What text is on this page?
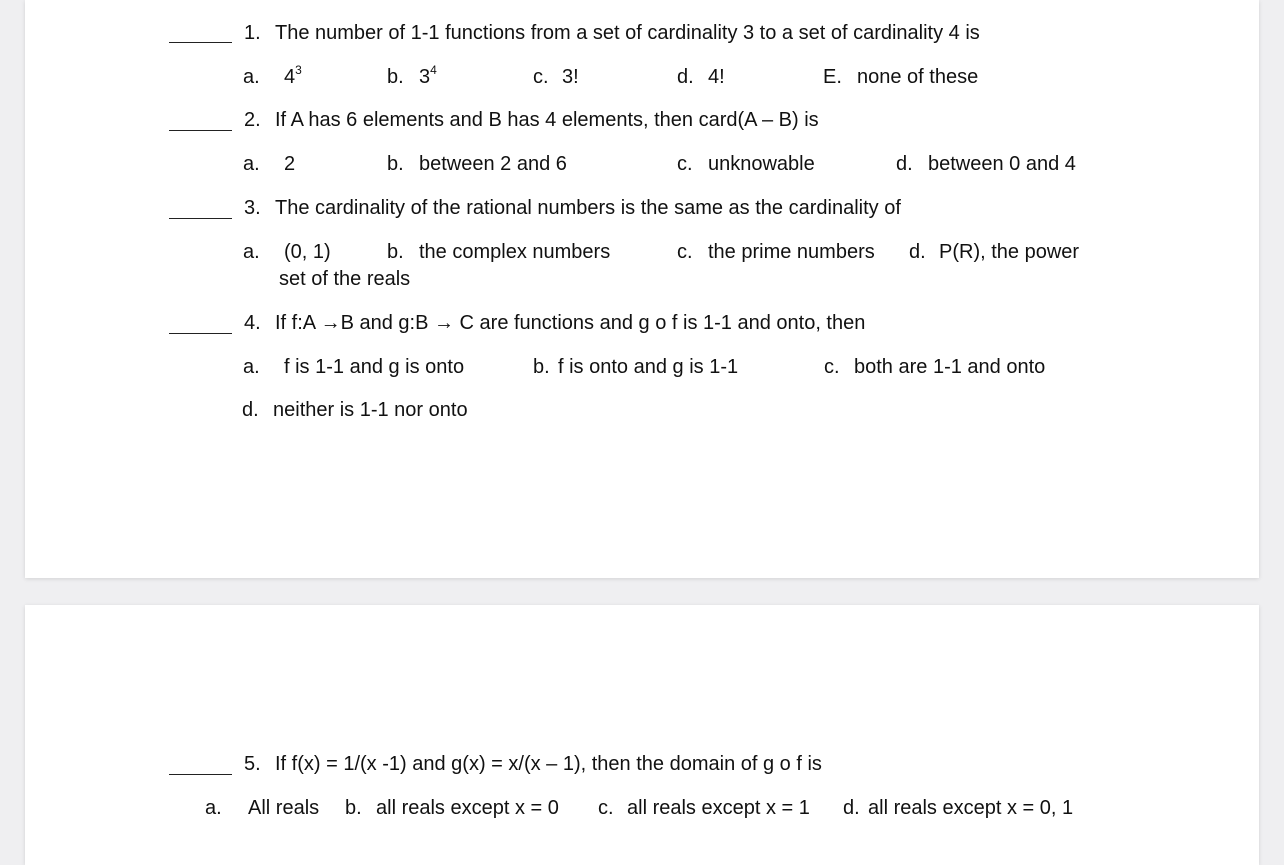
1. The number of 1-1 functions from a set of cardinality 3 to a set of cardinality 4 is
a. $4^3$	b. $3^4$	c. 3!	d. 4!	E. none of these
2. If A has 6 elements and B has 4 elements, then card(A – B) is
a. 2	b. between 2 and 6	c. unknowable	d. between 0 and 4
3. The cardinality of the rational numbers is the same as the cardinality of
a. (0, 1)	b. the complex numbers	c. the prime numbers d. P(R), the power
set of the reals
4. If f:A →B and g:B → C are functions and g o f is 1-1 and onto, then
a. f is 1-1 and g is onto	b. f is onto and g is 1-1	c. both are 1-1 and onto
d. neither is 1-1 nor onto
5. If f(x) = 1/(x -1) and g(x) = x/(x – 1), then the domain of g o f is
a. All reals b. all reals except x = 0 c. all reals except x = 1 d. all reals except x = 0, 1
